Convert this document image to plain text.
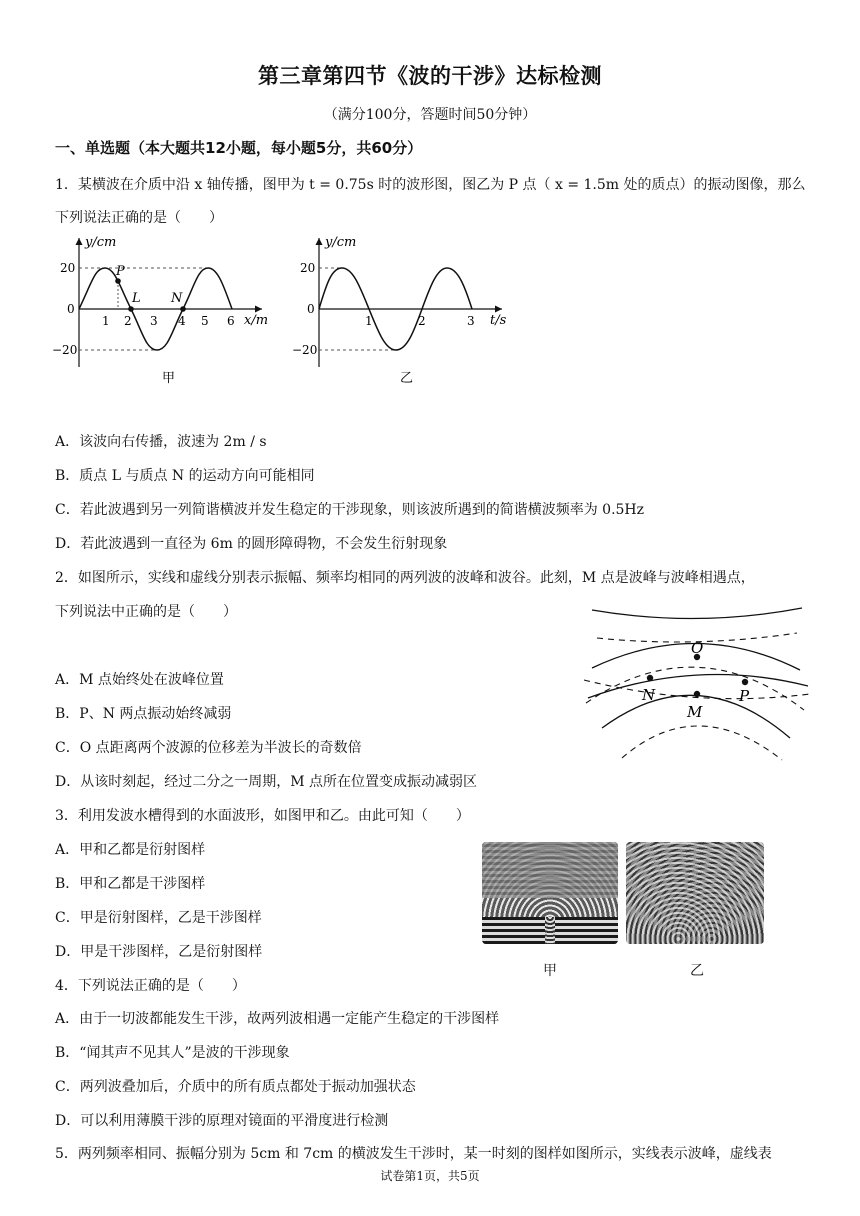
第三章第四节《波的干涉》达标检测
（满分100分，答题时间50分钟）
一、单选题（本大题共12小题，每小题5分，共60分）
1．某横波在介质中沿 x 轴传播，图甲为 t = 0.75s 时的波形图，图乙为 P 点（ x = 1.5m 处的质点）的振动图像，那么
下列说法正确的是（　　）
y/cm
x/m
20
0
−20
P
L N
1 2 3 4 5 6
甲
y/cm
t/s
20
0
−20
1	2	3
乙
A．该波向右传播，波速为 2m / s
B．质点 L 与质点 N 的运动方向可能相同
C．若此波遇到另一列简谐横波并发生稳定的干涉现象，则该波所遇到的简谐横波频率为 0.5Hz
D．若此波遇到一直径为 6m 的圆形障碍物，不会发生衍射现象
2．如图所示，实线和虚线分别表示振幅、频率均相同的两列波的波峰和波谷。此刻，M 点是波峰与波峰相遇点，
下列说法中正确的是（　　）
O
N
M
P
A．M 点始终处在波峰位置
B．P、N 两点振动始终减弱
C．O 点距离两个波源的位移差为半波长的奇数倍
D．从该时刻起，经过二分之一周期，M 点所在位置变成振动减弱区
3．利用发波水槽得到的水面波形，如图甲和乙。由此可知（　　）
A．甲和乙都是衍射图样
B．甲和乙都是干涉图样
C．甲是衍射图样，乙是干涉图样
D．甲是干涉图样，乙是衍射图样
甲	乙
4．下列说法正确的是（　　）
A．由于一切波都能发生干涉，故两列波相遇一定能产生稳定的干涉图样
B．“闻其声不见其人”是波的干涉现象
C．两列波叠加后，介质中的所有质点都处于振动加强状态
D．可以利用薄膜干涉的原理对镜面的平滑度进行检测
5．两列频率相同、振幅分别为 5cm 和 7cm 的横波发生干涉时，某一时刻的图样如图所示，实线表示波峰，虚线表
试卷第1页，共5页
